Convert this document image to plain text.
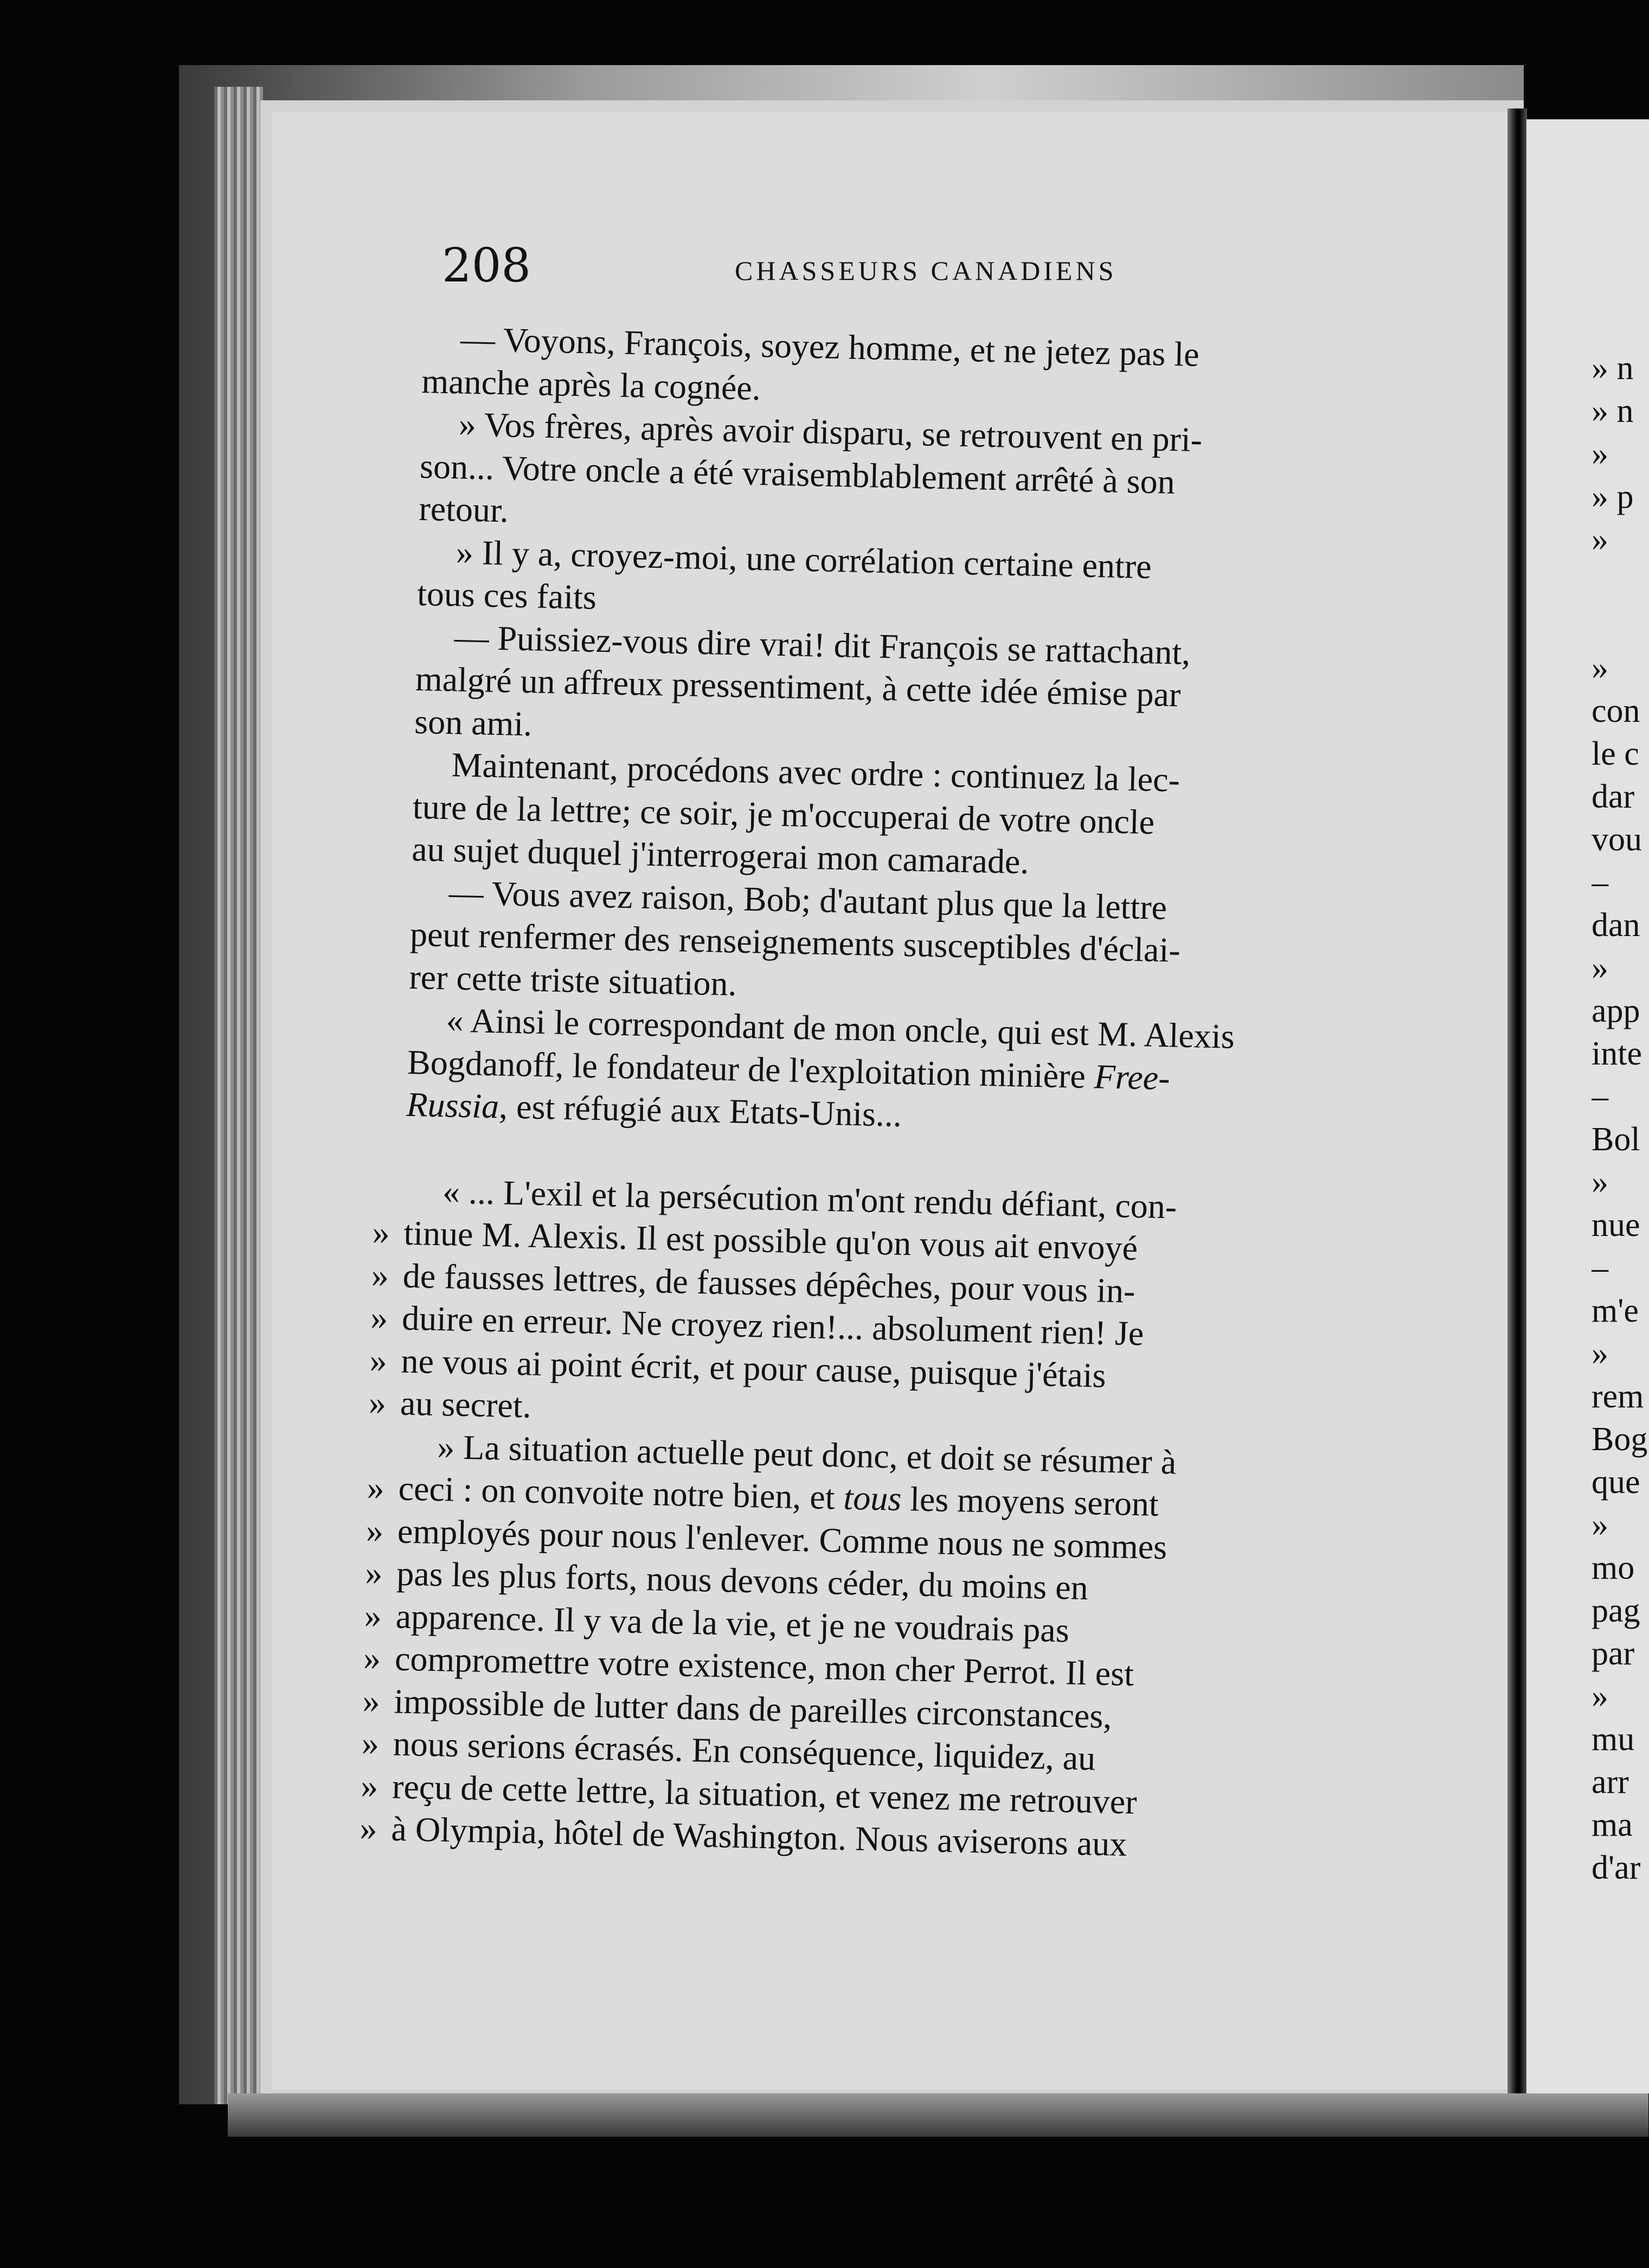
208	CHASSEURS CANADIENS

— Voyons, François, soyez homme, et ne jetez pas le
manche après la cognée.

» Vos frères, après avoir disparu, se retrouvent en pri-
son... Votre oncle a été vraisemblablement arrêté à son
retour.

» Il y a, croyez-moi, une corrélation certaine entre
tous ces faits

— Puissiez-vous dire vrai! dit François se rattachant,
malgré un affreux pressentiment, à cette idée émise par
son ami.

Maintenant, procédons avec ordre : continuez la lec-
ture de la lettre; ce soir, je m'occuperai de votre oncle
au sujet duquel j'interrogerai mon camarade.

— Vous avez raison, Bob; d'autant plus que la lettre
peut renfermer des renseignements susceptibles d'éclai-
rer cette triste situation.

« Ainsi le correspondant de mon oncle, qui est M. Alexis
Bogdanoff, le fondateur de l'exploitation minière Free-
Russia, est réfugié aux Etats-Unis...

« ... L'exil et la persécution m'ont rendu défiant, con-

» tinue M. Alexis. Il est possible qu'on vous ait envoyé
» de fausses lettres, de fausses dépêches, pour vous in-
» duire en erreur. Ne croyez rien!... absolument rien! Je
» ne vous ai point écrit, et pour cause, puisque j'étais
» au secret.

» La situation actuelle peut donc, et doit se résumer à

» ceci : on convoite notre bien, et tous les moyens seront
» employés pour nous l'enlever. Comme nous ne sommes
» pas les plus forts, nous devons céder, du moins en
» apparence. Il y va de la vie, et je ne voudrais pas
» compromettre votre existence, mon cher Perrot. Il est
» impossible de lutter dans de pareilles circonstances,
» nous serions écrasés. En conséquence, liquidez, au
» reçu de cette lettre, la situation, et venez me retrouver
» à Olympia, hôtel de Washington. Nous aviserons aux
» n
» n
»
» p
»

»
con
le c
dar
vou
–
dan
»
app
inte
–
Bol
»
nue
–
m'e
»
rem
Bog
que
»
mo
pag
par
»
mu
arr
ma
d'ar
